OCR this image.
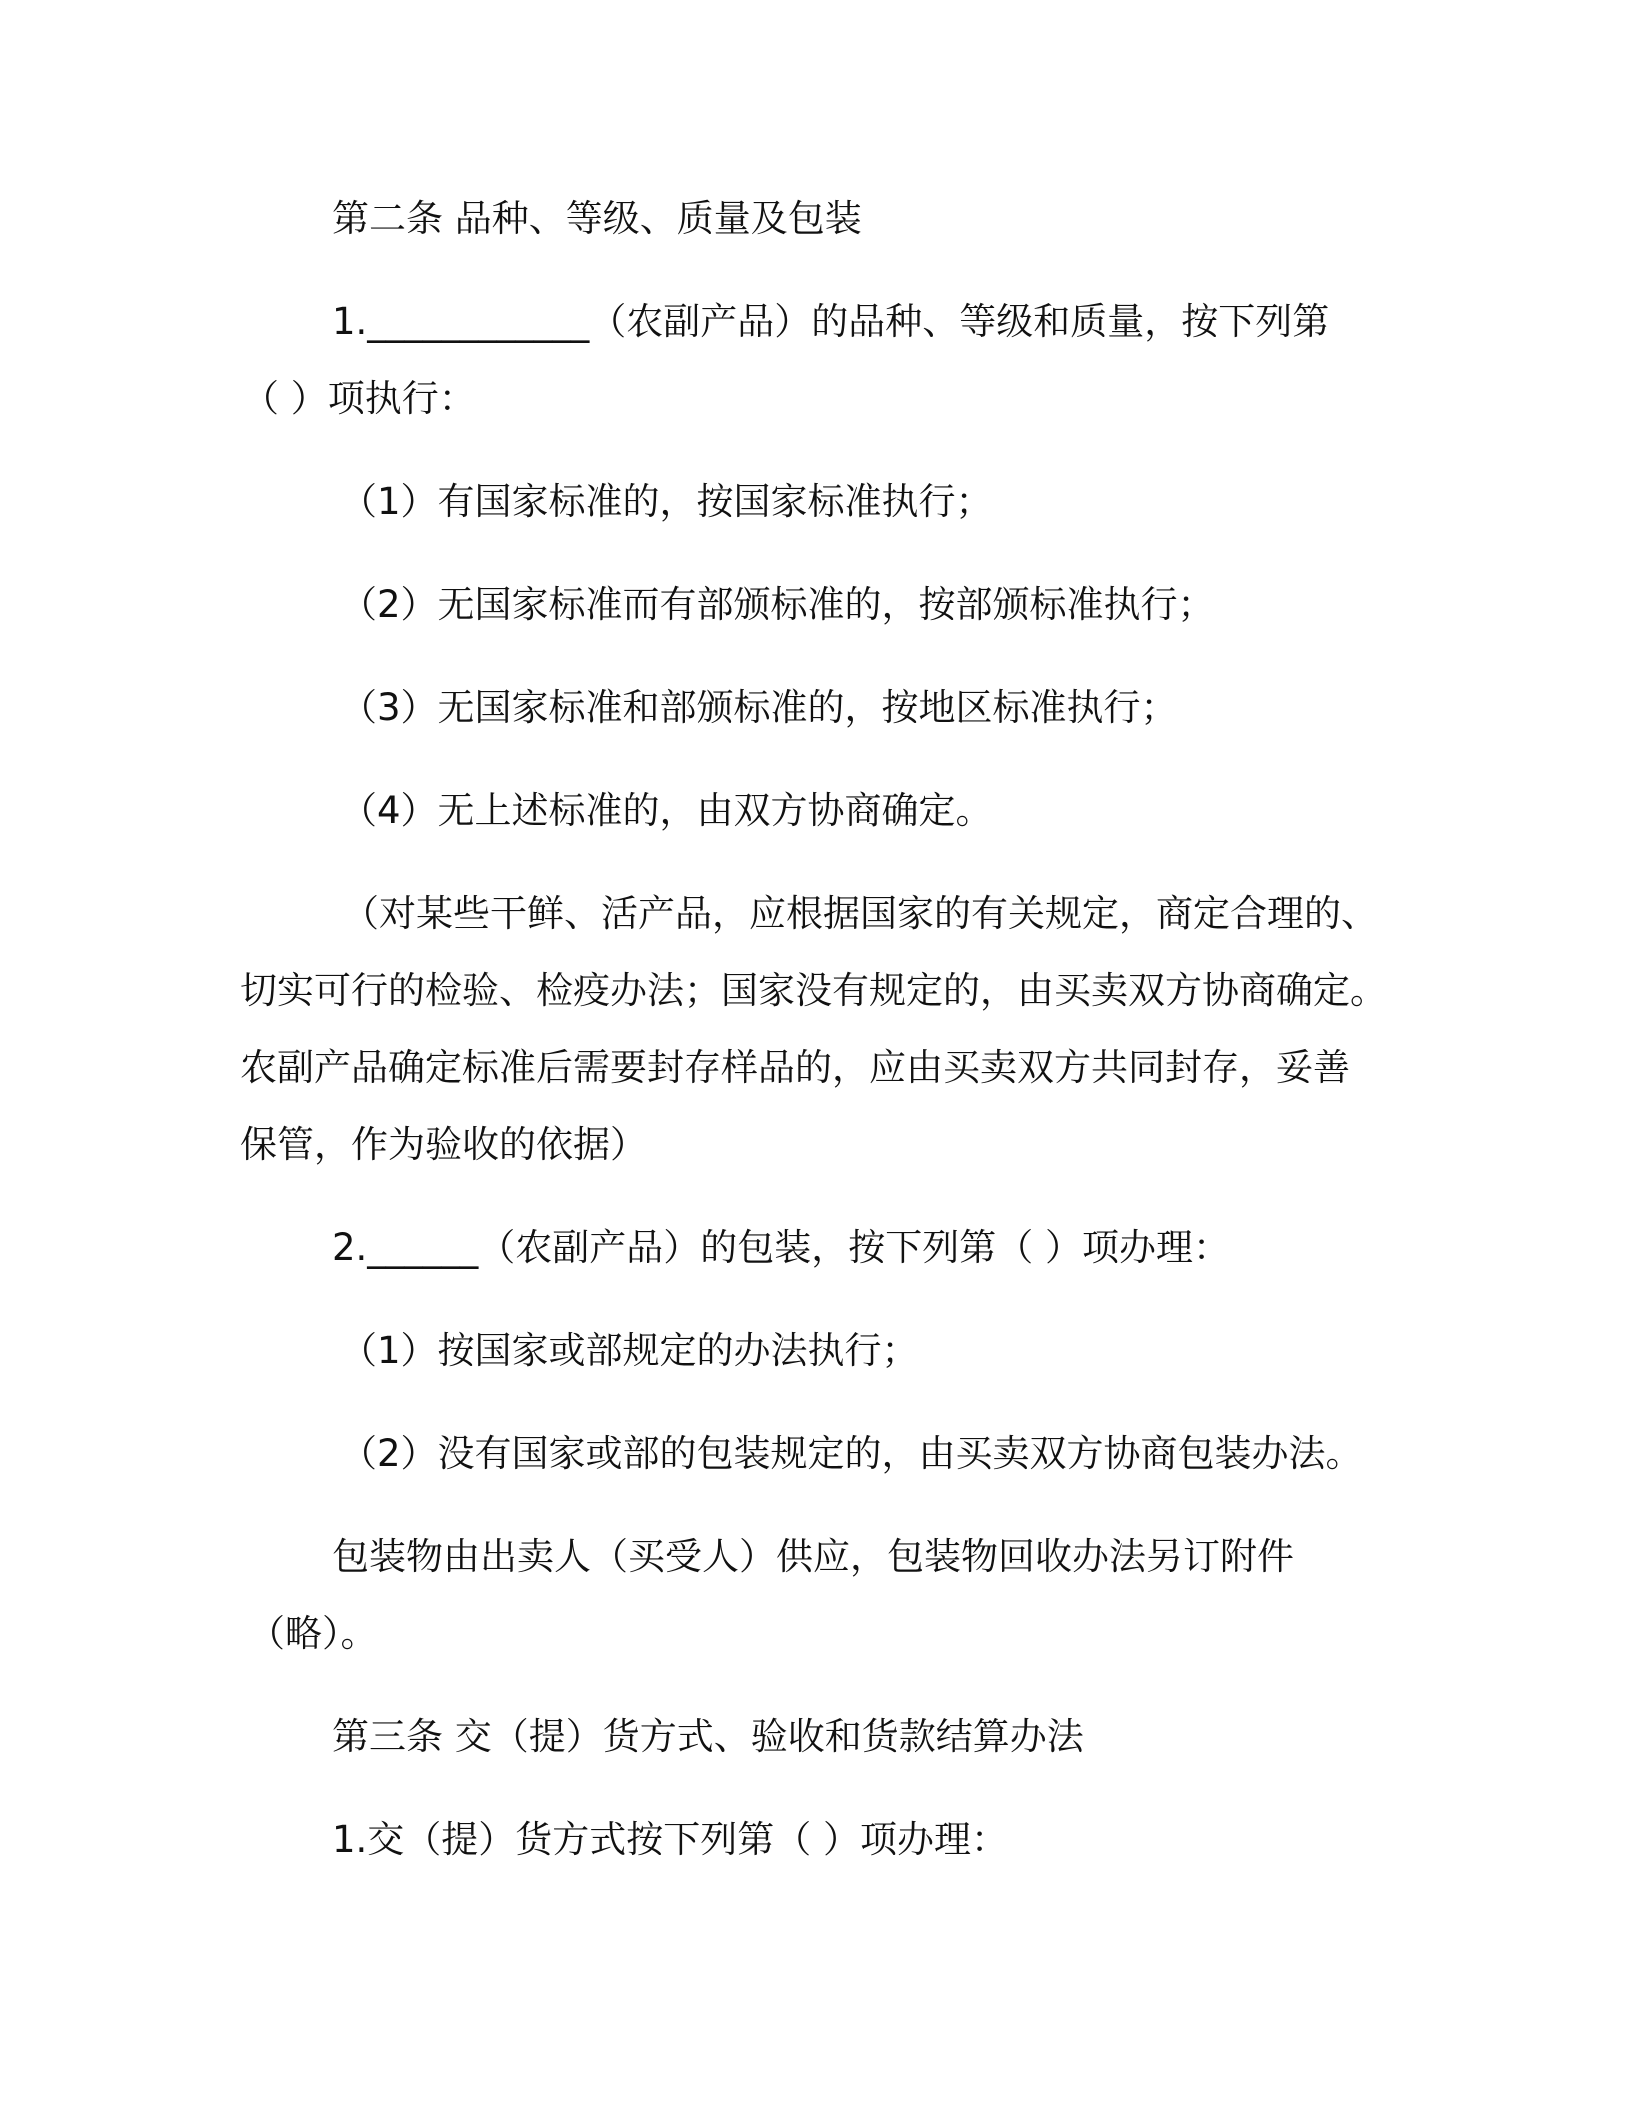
第二条 品种、等级、质量及包装
1.____________（农副产品）的品种、等级和质量，按下列第
（ ）项执行：
（1）有国家标准的，按国家标准执行；
（2）无国家标准而有部颁标准的，按部颁标准执行；
（3）无国家标准和部颁标准的，按地区标准执行；
（4）无上述标准的，由双方协商确定。
（对某些干鲜、活产品，应根据国家的有关规定，商定合理的、
切实可行的检验、检疫办法；国家没有规定的，由买卖双方协商确定。
农副产品确定标准后需要封存样品的，应由买卖双方共同封存，妥善
保管，作为验收的依据）
2.______（农副产品）的包装，按下列第（ ）项办理：
（1）按国家或部规定的办法执行；
（2）没有国家或部的包装规定的，由买卖双方协商包装办法。
包装物由出卖人（买受人）供应，包装物回收办法另订附件
（略）。
第三条 交（提）货方式、验收和货款结算办法
1.交（提）货方式按下列第（ ）项办理：
